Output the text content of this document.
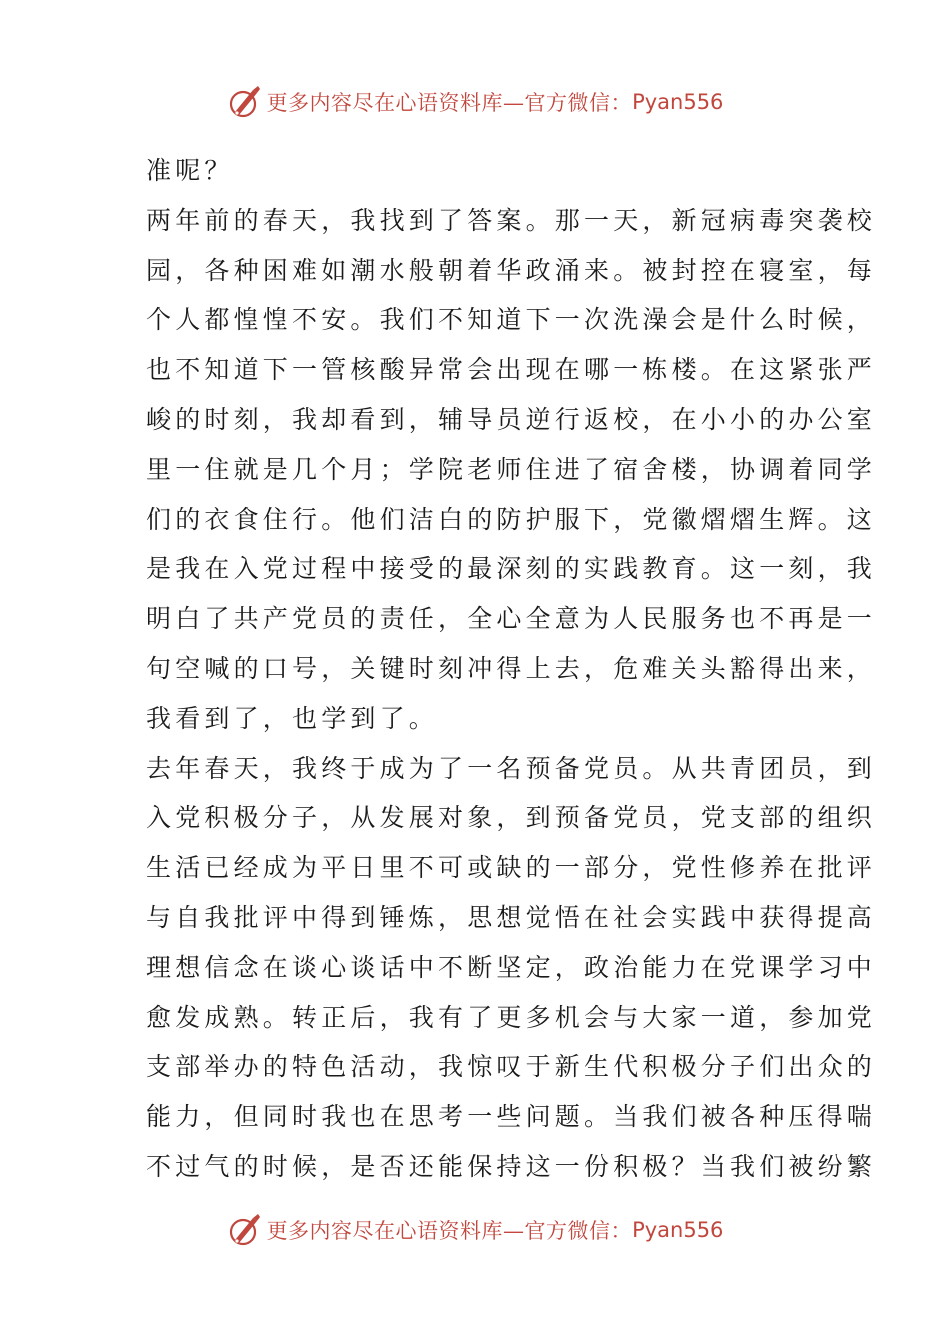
更多内容尽在心语资料库—官方微信： Pyan556
准呢？
两年前的春天，我找到了答案。那一天，新冠病毒突袭校
园，各种困难如潮水般朝着华政涌来。被封控在寝室，每
个人都惶惶不安。我们不知道下一次洗澡会是什么时候，
也不知道下一管核酸异常会出现在哪一栋楼。在这紧张严
峻的时刻，我却看到，辅导员逆行返校，在小小的办公室
里一住就是几个月；学院老师住进了宿舍楼，协调着同学
们的衣食住行。他们洁白的防护服下，党徽熠熠生辉。这
是我在入党过程中接受的最深刻的实践教育。这一刻，我
明白了共产党员的责任，全心全意为人民服务也不再是一
句空喊的口号，关键时刻冲得上去，危难关头豁得出来，
我看到了，也学到了。
去年春天，我终于成为了一名预备党员。从共青团员，到
入党积极分子，从发展对象，到预备党员，党支部的组织
生活已经成为平日里不可或缺的一部分，党性修养在批评
与自我批评中得到锤炼，思想觉悟在社会实践中获得提高
理想信念在谈心谈话中不断坚定，政治能力在党课学习中
愈发成熟。转正后，我有了更多机会与大家一道，参加党
支部举办的特色活动，我惊叹于新生代积极分子们出众的
能力，但同时我也在思考一些问题。当我们被各种压得喘
不过气的时候，是否还能保持这一份积极？当我们被纷繁
更多内容尽在心语资料库—官方微信： Pyan556
